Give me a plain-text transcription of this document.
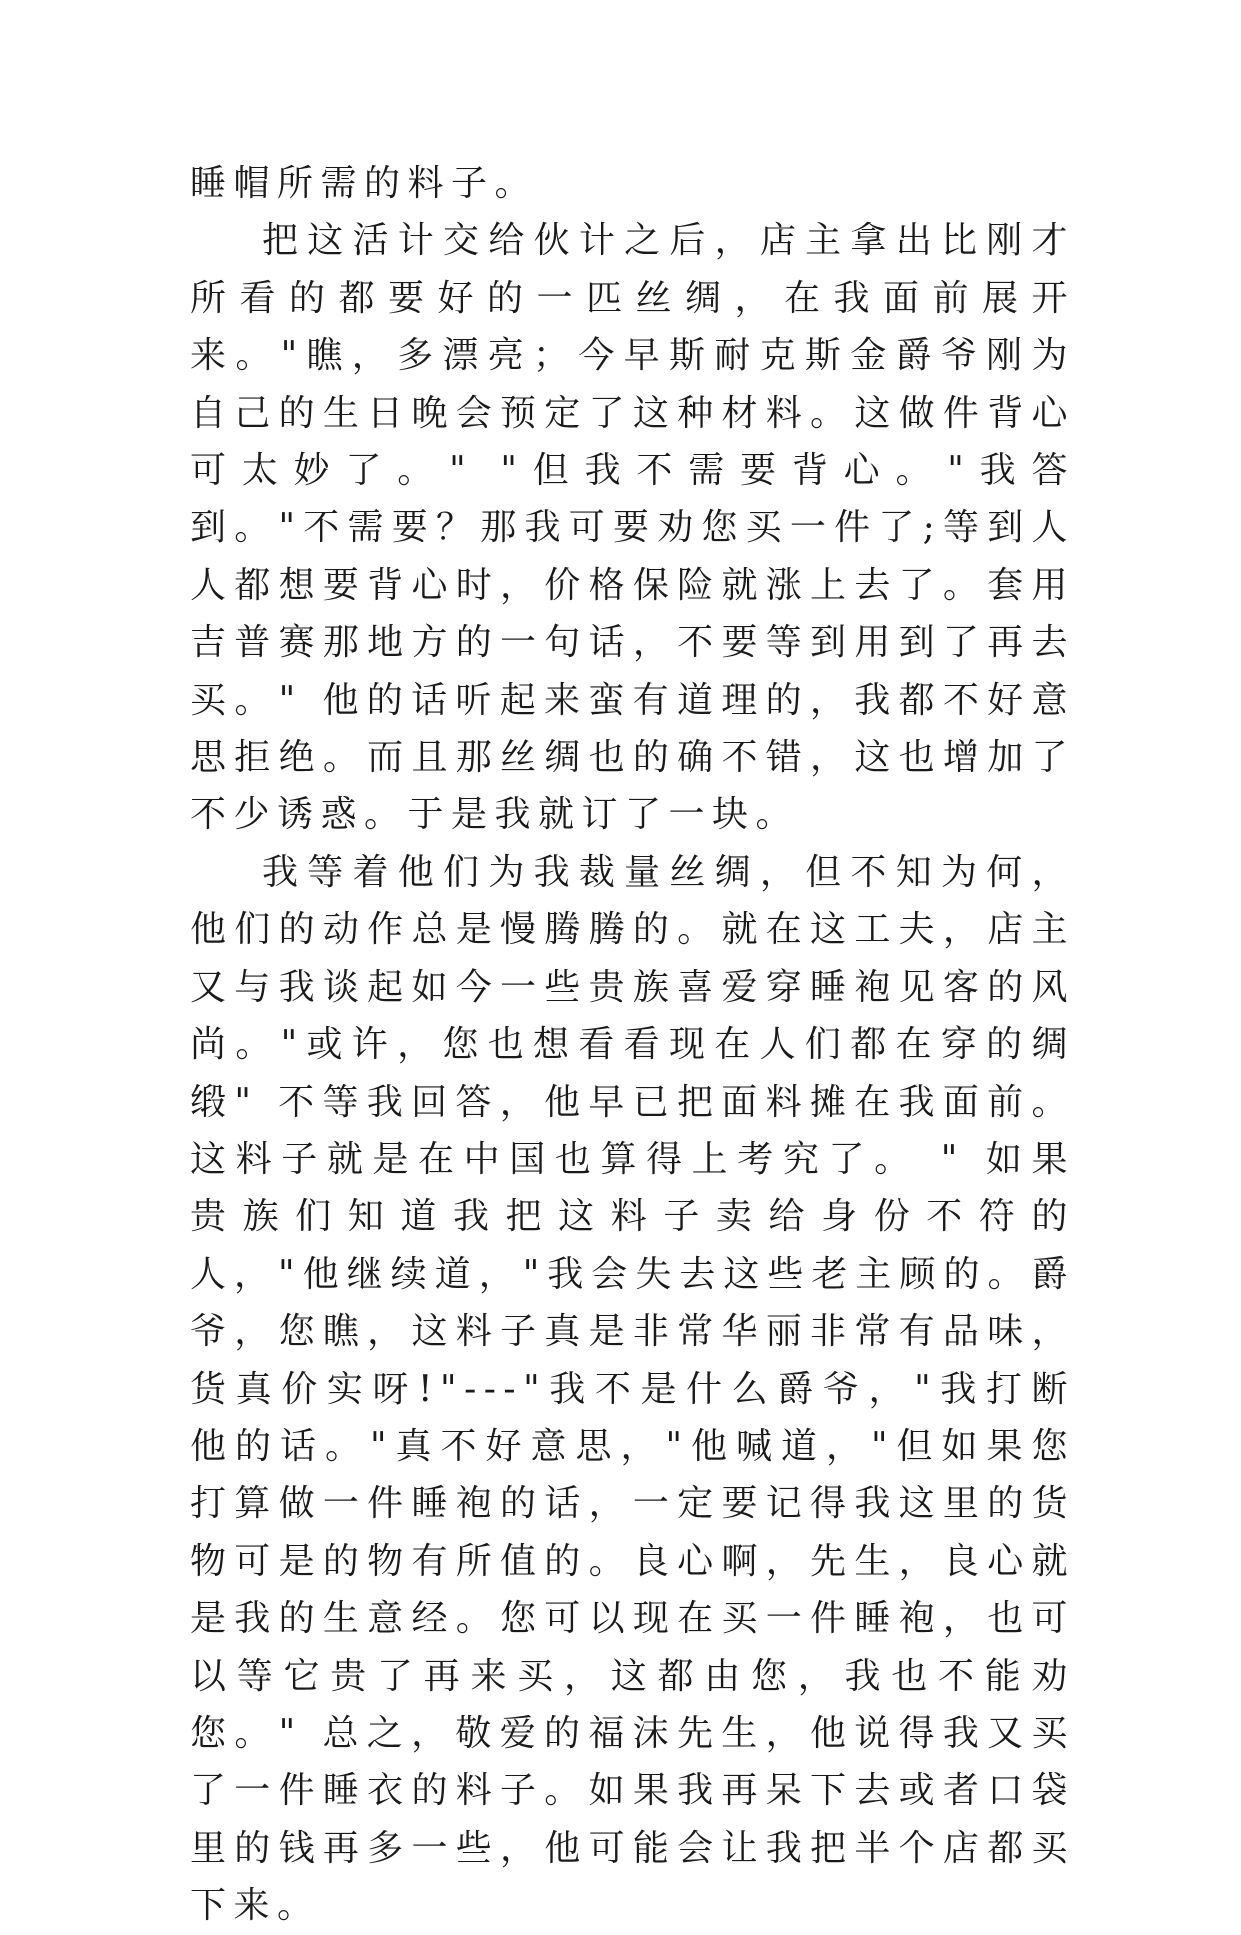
睡帽所需的料子。

把这活计交给伙计之后，店主拿出比刚才所看的都要好的一匹丝绸，在我面前展开来。"瞧，多漂亮；今早斯耐克斯金爵爷刚为自己的生日晚会预定了这种材料。这做件背心可太妙了。" "但我不需要背心。"我答到。"不需要？那我可要劝您买一件了;等到人人都想要背心时，价格保险就涨上去了。套用吉普赛那地方的一句话，不要等到用到了再去买。" 他的话听起来蛮有道理的，我都不好意思拒绝。而且那丝绸也的确不错，这也增加了不少诱惑。于是我就订了一块。

我等着他们为我裁量丝绸，但不知为何，他们的动作总是慢腾腾的。就在这工夫，店主又与我谈起如今一些贵族喜爱穿睡袍见客的风尚。"或许，您也想看看现在人们都在穿的绸缎" 不等我回答，他早已把面料摊在我面前。这料子就是在中国也算得上考究了。 " 如果贵族们知道我把这料子卖给身份不符的人，"他继续道，"我会失去这些老主顾的。爵爷，您瞧，这料子真是非常华丽非常有品味，货真价实呀!"---"我不是什么爵爷，"我打断他的话。"真不好意思，"他喊道，"但如果您打算做一件睡袍的话，一定要记得我这里的货物可是的物有所值的。良心啊，先生，良心就是我的生意经。您可以现在买一件睡袍，也可以等它贵了再来买，这都由您，我也不能劝您。" 总之，敬爱的福沫先生，他说得我又买了一件睡衣的料子。如果我再呆下去或者口袋里的钱再多一些，他可能会让我把半个店都买下来。
